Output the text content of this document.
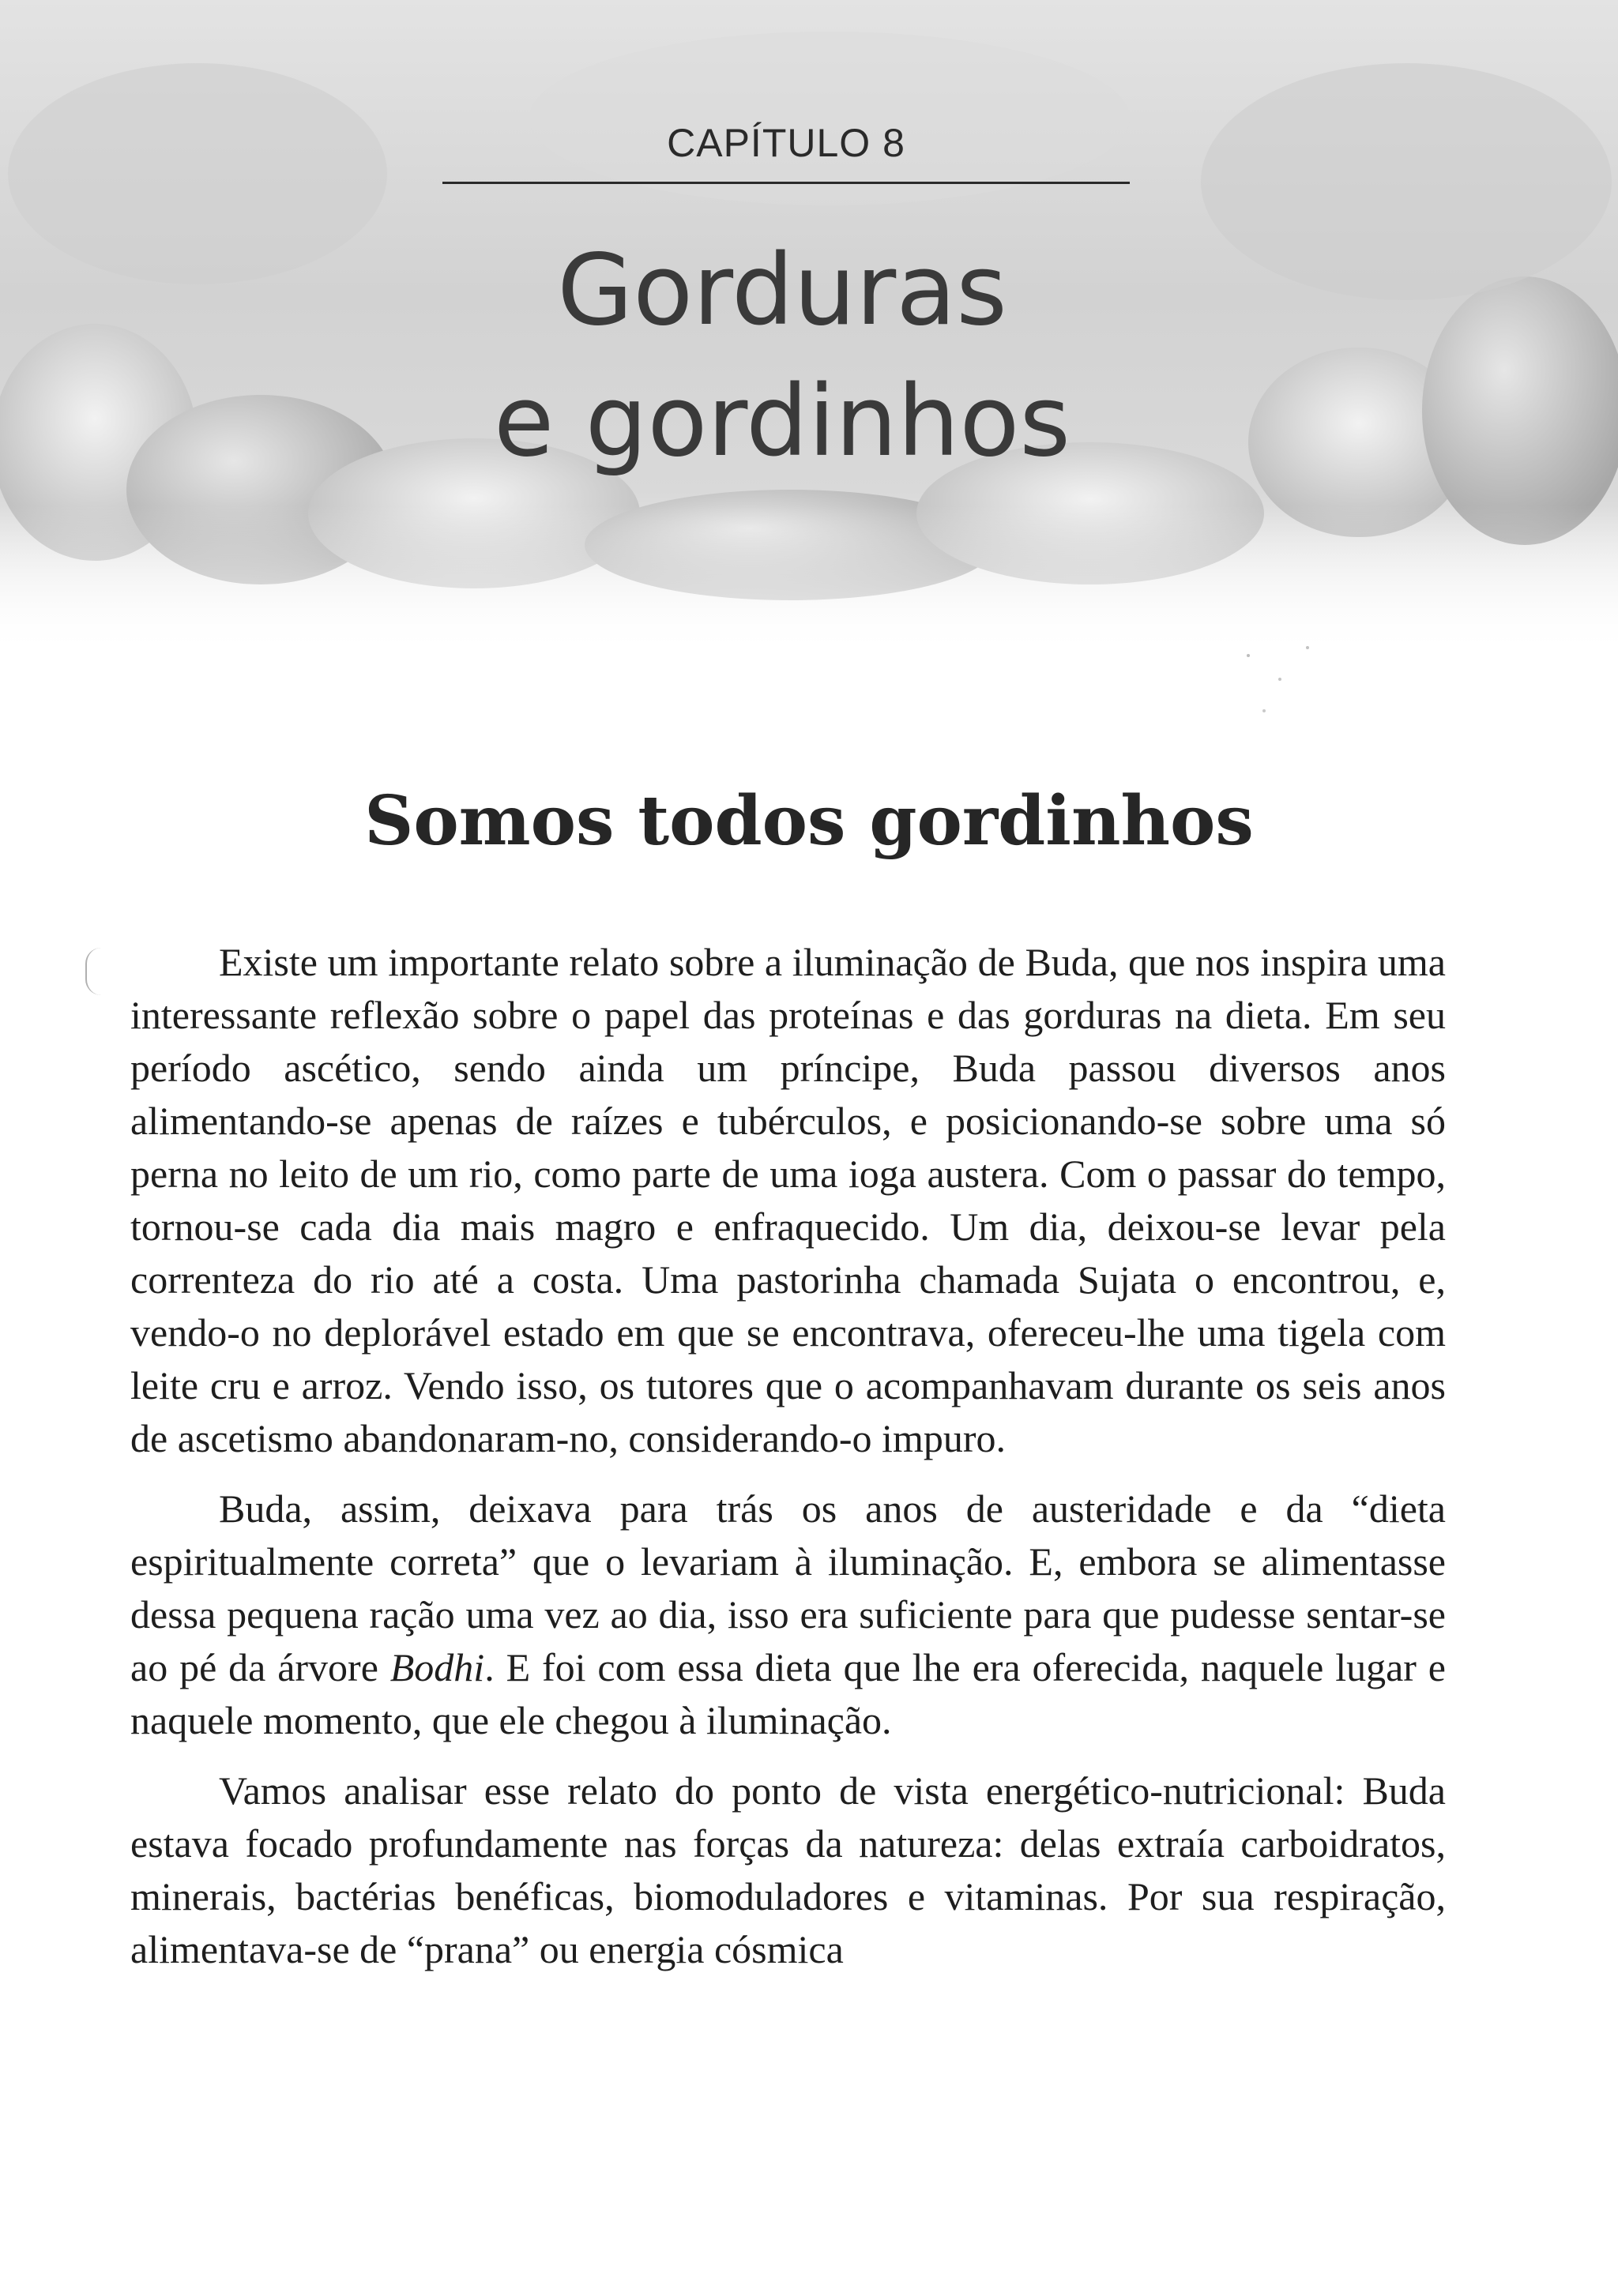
CAPÍTULO 8
Gorduras
e gordinhos
Somos todos gordinhos

Existe um importante relato sobre a iluminação de Buda, que nos inspira uma interessante reflexão sobre o papel das proteínas e das gorduras na dieta. Em seu período ascético, sendo ainda um príncipe, Buda passou diversos anos alimentando-se apenas de raízes e tubérculos, e posicionando-se sobre uma só perna no leito de um rio, como parte de uma ioga austera. Com o passar do tempo, tornou-se cada dia mais magro e enfraquecido. Um dia, deixou-se levar pela correnteza do rio até a costa. Uma pastorinha chamada Sujata o encontrou, e, vendo-o no deplorável estado em que se encontrava, ofereceu-lhe uma tigela com leite cru e arroz. Vendo isso, os tutores que o acompanhavam durante os seis anos de ascetismo abandonaram-no, considerando-o impuro.

Buda, assim, deixava para trás os anos de austeridade e da “dieta espiritualmente correta” que o levariam à iluminação. E, embora se alimentasse dessa pequena ração uma vez ao dia, isso era suficiente para que pudesse sentar-se ao pé da árvore Bodhi. E foi com essa dieta que lhe era oferecida, naquele lugar e naquele momento, que ele chegou à iluminação.

Vamos analisar esse relato do ponto de vista energético-nutricional: Buda estava focado profundamente nas forças da natureza: delas extraía carboidratos, minerais, bactérias benéficas, biomoduladores e vitaminas. Por sua respiração, alimentava-se de “prana” ou energia cósmica
